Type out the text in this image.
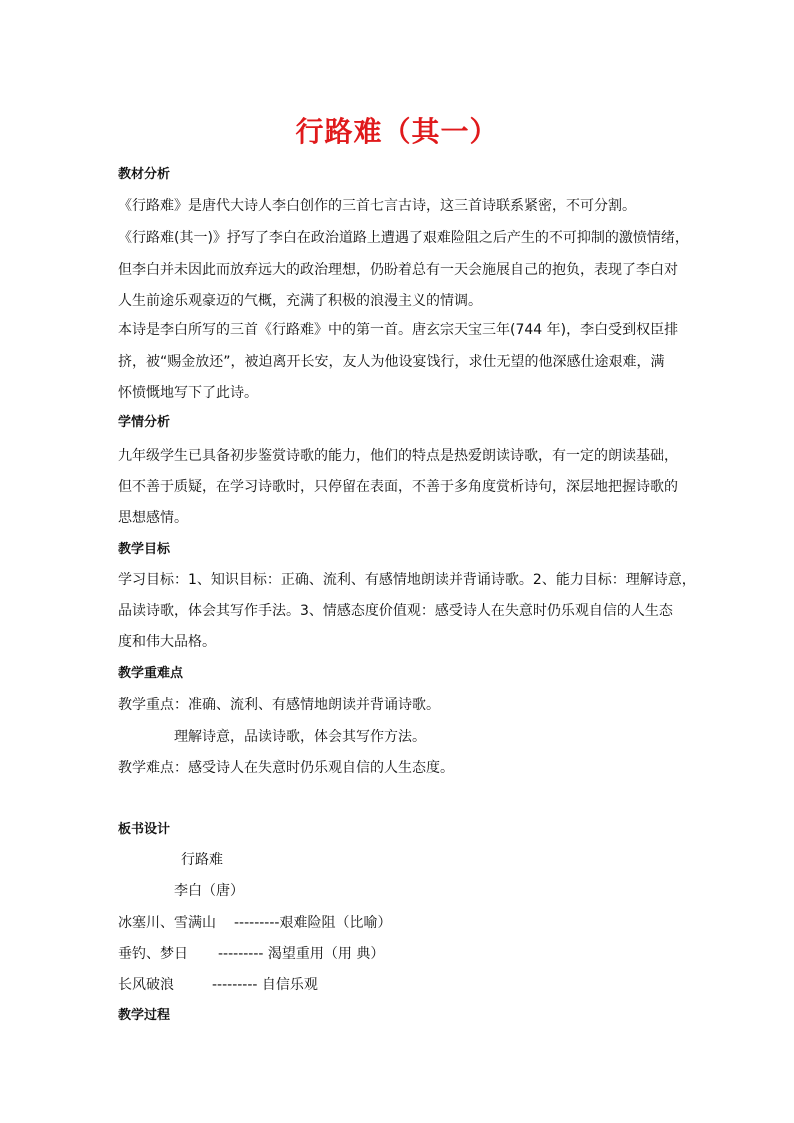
行路难（其一）
教材分析
《行路难》是唐代大诗人李白创作的三首七言古诗，这三首诗联系紧密，不可分割。
《行路难(其一)》抒写了李白在政治道路上遭遇了艰难险阻之后产生的不可抑制的激愤情绪，
但李白并未因此而放弃远大的政治理想，仍盼着总有一天会施展自己的抱负，表现了李白对
人生前途乐观豪迈的气概，充满了积极的浪漫主义的情调。
本诗是李白所写的三首《行路难》中的第一首。唐玄宗天宝三年(744 年)，李白受到权臣排
挤，被“赐金放还”，被迫离开长安，友人为他设宴饯行，求仕无望的他深感仕途艰难，满
怀愤慨地写下了此诗。
学情分析
九年级学生已具备初步鉴赏诗歌的能力，他们的特点是热爱朗读诗歌，有一定的朗读基础，
但不善于质疑，在学习诗歌时，只停留在表面，不善于多角度赏析诗句，深层地把握诗歌的
思想感情。
教学目标
学习目标：1、知识目标：正确、流利、有感情地朗读并背诵诗歌。2、能力目标：理解诗意，
品读诗歌，体会其写作手法。3、情感态度价值观：感受诗人在失意时仍乐观自信的人生态
度和伟大品格。
教学重难点
教学重点：准确、流利、有感情地朗读并背诵诗歌。
理解诗意，品读诗歌，体会其写作方法。
教学难点：感受诗人在失意时仍乐观自信的人生态度。
板书设计
行路难
李白（唐）
冰塞川、雪满山 ---------艰难险阻（比喻）
垂钓、梦日 --------- 渴望重用（用 典）
长风破浪	--------- 自信乐观
教学过程
